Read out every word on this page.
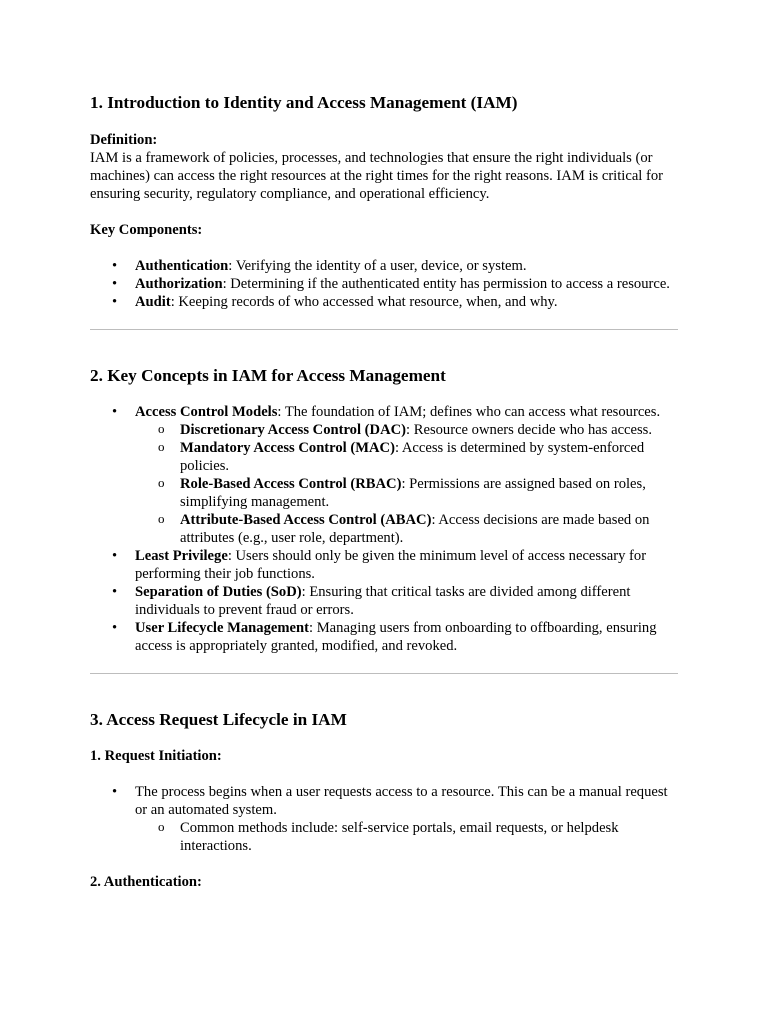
1. Introduction to Identity and Access Management (IAM)

Definition:

IAM is a framework of policies, processes, and technologies that ensure the right individuals (or machines) can access the right resources at the right times for the right reasons. IAM is critical for ensuring security, regulatory compliance, and operational efficiency.

Key Components:

• Authentication: Verifying the identity of a user, device, or system.
• Authorization: Determining if the authenticated entity has permission to access a resource.
• Audit: Keeping records of who accessed what resource, when, and why.
2. Key Concepts in IAM for Access Management
• Access Control Models: The foundation of IAM; defines who can access what resources.
o Discretionary Access Control (DAC): Resource owners decide who has access.
o Mandatory Access Control (MAC): Access is determined by system-enforced policies.
o Role-Based Access Control (RBAC): Permissions are assigned based on roles, simplifying management.
o Attribute-Based Access Control (ABAC): Access decisions are made based on attributes (e.g., user role, department).
• Least Privilege: Users should only be given the minimum level of access necessary for performing their job functions.
• Separation of Duties (SoD): Ensuring that critical tasks are divided among different individuals to prevent fraud or errors.
• User Lifecycle Management: Managing users from onboarding to offboarding, ensuring access is appropriately granted, modified, and revoked.
3. Access Request Lifecycle in IAM

1. Request Initiation:

• The process begins when a user requests access to a resource. This can be a manual request or an automated system.
o Common methods include: self-service portals, email requests, or helpdesk interactions.

2. Authentication:
